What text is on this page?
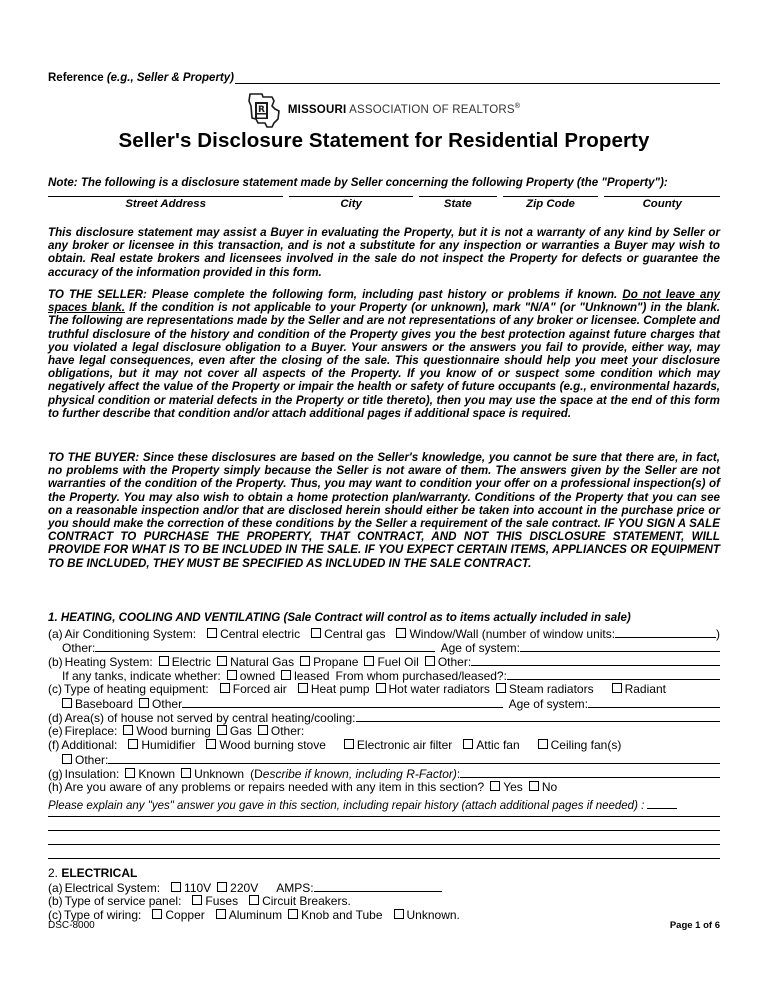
Reference (e.g., Seller & Property)
R MISSOURI ASSOCIATION OF REALTORS®
Seller's Disclosure Statement for Residential Property
Note: The following is a disclosure statement made by Seller concerning the following Property (the "Property"):
Street Address	City	State	Zip Code	County
This disclosure statement may assist a Buyer in evaluating the Property, but it is not a warranty of any kind by Seller or any broker or licensee in this transaction, and is not a substitute for any inspection or warranties a Buyer may wish to obtain. Real estate brokers and licensees involved in the sale do not inspect the Property for defects or guarantee the accuracy of the information provided in this form.
TO THE SELLER: Please complete the following form, including past history or problems if known. Do not leave any spaces blank. If the condition is not applicable to your Property (or unknown), mark "N/A" (or "Unknown") in the blank. The following are representations made by the Seller and are not representations of any broker or licensee. Complete and truthful disclosure of the history and condition of the Property gives you the best protection against future charges that you violated a legal disclosure obligation to a Buyer. Your answers or the answers you fail to provide, either way, may have legal consequences, even after the closing of the sale. This questionnaire should help you meet your disclosure obligations, but it may not cover all aspects of the Property. If you know of or suspect some condition which may negatively affect the value of the Property or impair the health or safety of future occupants (e.g., environmental hazards, physical condition or material defects in the Property or title thereto), then you may use the space at the end of this form to further describe that condition and/or attach additional pages if additional space is required.
TO THE BUYER: Since these disclosures are based on the Seller's knowledge, you cannot be sure that there are, in fact, no problems with the Property simply because the Seller is not aware of them. The answers given by the Seller are not warranties of the condition of the Property. Thus, you may want to condition your offer on a professional inspection(s) of the Property. You may also wish to obtain a home protection plan/warranty. Conditions of the Property that you can see on a reasonable inspection and/or that are disclosed herein should either be taken into account in the purchase price or you should make the correction of these conditions by the Seller a requirement of the sale contract. IF YOU SIGN A SALE CONTRACT TO PURCHASE THE PROPERTY, THAT CONTRACT, AND NOT THIS DISCLOSURE STATEMENT, WILL PROVIDE FOR WHAT IS TO BE INCLUDED IN THE SALE. IF YOU EXPECT CERTAIN ITEMS, APPLIANCES OR EQUIPMENT TO BE INCLUDED, THEY MUST BE SPECIFIED AS INCLUDED IN THE SALE CONTRACT.
1. HEATING, COOLING AND VENTILATING (Sale Contract will control as to items actually included in sale)
(a) Air Conditioning System: Central electric Central gas Window/Wall (number of window units:	)
Other:	Age of system:
(b) Heating System: Electric Natural Gas Propane Fuel Oil Other:
If any tanks, indicate whether: owned leased From whom purchased/leased?:
(c) Type of heating equipment: Forced air Heat pump Hot water radiators Steam radiators	Radiant
Baseboard Other	Age of system:
(d) Area(s) of house not served by central heating/cooling:
(e) Fireplace: Wood burning Gas Other:
(f) Additional: Humidifier Wood burning stove	Electronic air filter Attic fan	Ceiling fan(s)
Other:
(g) Insulation: Known Unknown (D escribe if known, including R-Factor) :
(h) Are you aware of any problems or repairs needed with any item in this section? Yes No
Please explain any "yes" answer you gave in this section, including repair history (attach additional pages if needed) :
2. ELECTRICAL
(a) Electrical System: 110V 220V AMPS:
(b) Type of service panel: Fuses Circuit Breakers.
(c) Type of wiring: Copper Aluminum Knob and Tube Unknown.
DSC-8000	Page 1 of 6
